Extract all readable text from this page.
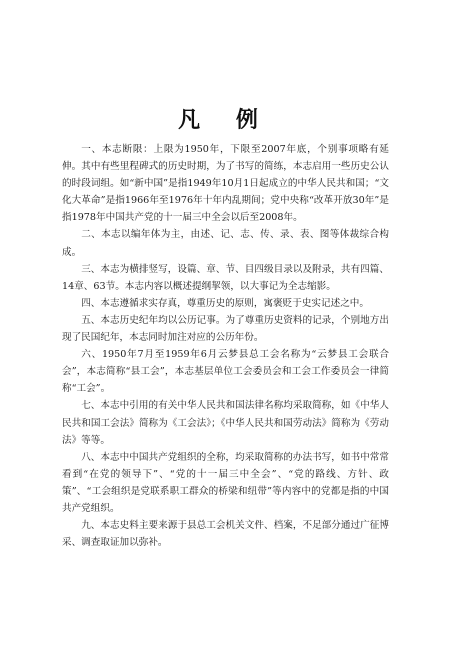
凡 例

一、本志断限：上限为1950年，下限至2007年底，个别事项略有延伸。其中有些里程碑式的历史时期，为了书写的简练，本志启用一些历史公认的时段词组。如“新中国”是指1949年10月1日起成立的中华人民共和国；“文化大革命”是指1966年至1976年十年内乱期间；党中央称“改革开放30年”是指1978年中国共产党的十一届三中全会以后至2008年。

二、本志以编年体为主，由述、记、志、传、录、表、图等体裁综合构成。

三、本志为横排竖写，设篇、章、节、目四级目录以及附录，共有四篇、14章、63节。本志内容以概述提纲挈领，以大事记为全志缩影。

四、本志遵循求实存真，尊重历史的原则，寓褒贬于史实记述之中。

五、本志历史纪年均以公历记事。为了尊重历史资料的记录，个别地方出现了民国纪年，本志同时加注对应的公历年份。

六、1950年7月至1959年6月云梦县总工会名称为“云梦县工会联合会”，本志简称“县工会”，本志基层单位工会委员会和工会工作委员会一律简称“工会”。

七、本志中引用的有关中华人民共和国法律名称均采取简称，如《中华人民共和国工会法》简称为《工会法》；《中华人民共和国劳动法》简称为《劳动法》等等。

八、本志中中国共产党组织的全称，均采取简称的办法书写，如书中常常看到“在党的领导下”、“党的十一届三中全会”、“党的路线、方针、政策”、“工会组织是党联系职工群众的桥梁和纽带”等内容中的党都是指的中国共产党组织。

九、本志史料主要来源于县总工会机关文件、档案，不足部分通过广征博采、调查取证加以弥补。
